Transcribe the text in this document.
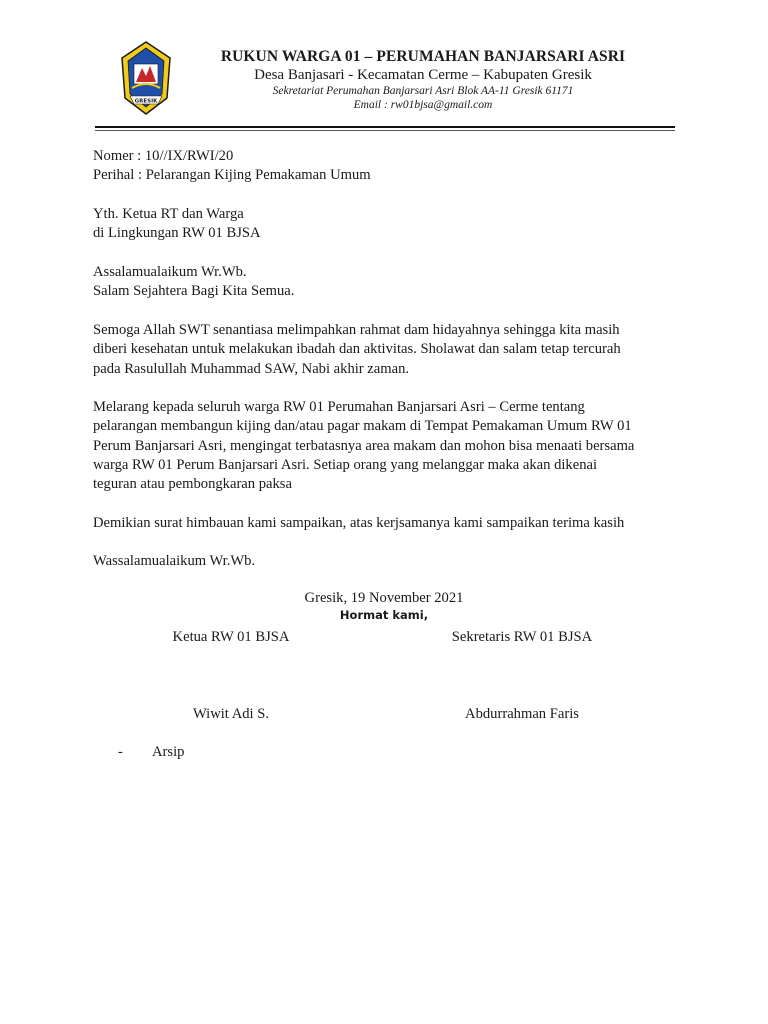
GRESIK
RUKUN WARGA 01 – PERUMAHAN BANJARSARI ASRI
Desa Banjasari - Kecamatan Cerme – Kabupaten Gresik
Sekretariat Perumahan Banjarsari Asri Blok AA-11 Gresik 61171
Email : rw01bjsa@gmail.com
Nomer : 10//IX/RWI/20
Perihal : Pelarangan Kijing Pemakaman Umum
Yth. Ketua RT dan Warga
di Lingkungan RW 01 BJSA
Assalamualaikum Wr.Wb.
Salam Sejahtera Bagi Kita Semua.
Semoga Allah SWT senantiasa melimpahkan rahmat dam hidayahnya sehingga kita masih
diberi kesehatan untuk melakukan ibadah dan aktivitas. Sholawat dan salam tetap tercurah
pada Rasulullah Muhammad SAW, Nabi akhir zaman.
Melarang kepada seluruh warga RW 01 Perumahan Banjarsari Asri – Cerme tentang
pelarangan membangun kijing dan/atau pagar makam di Tempat Pemakaman Umum RW 01
Perum Banjarsari Asri, mengingat terbatasnya area makam dan mohon bisa menaati bersama
warga RW 01 Perum Banjarsari Asri. Setiap orang yang melanggar maka akan dikenai
teguran atau pembongkaran paksa
Demikian surat himbauan kami sampaikan, atas kerjsamanya kami sampaikan terima kasih
Wassalamualaikum Wr.Wb.
Gresik, 19 November 2021
Hormat kami,
Ketua RW 01 BJSA	Sekretaris RW 01 BJSA
Wiwit Adi S.	Abdurrahman Faris
- Arsip
